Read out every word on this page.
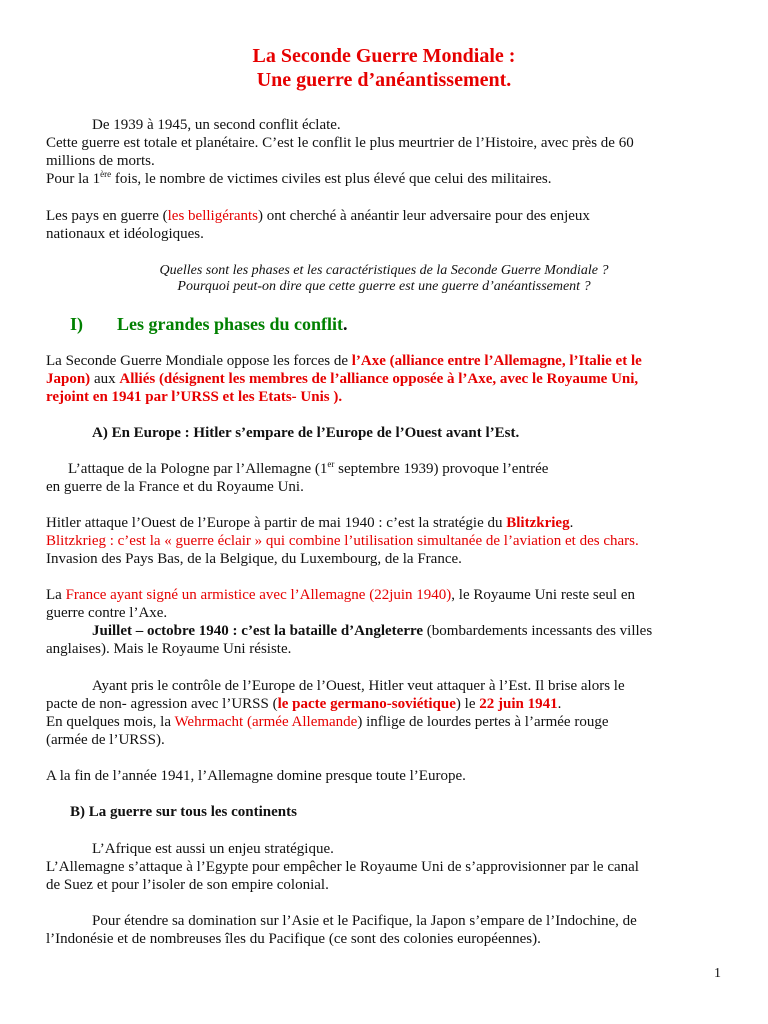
La Seconde Guerre Mondiale :
Une guerre d’anéantissement.
De 1939 à 1945, un second conflit éclate.
Cette guerre est totale et planétaire. C’est le conflit le plus meurtrier de l’Histoire, avec près de 60
millions de morts.
Pour la 1ère fois, le nombre de victimes civiles est plus élevé que celui des militaires.
Les pays en guerre (les belligérants) ont cherché à anéantir leur adversaire pour des enjeux
nationaux et idéologiques.
Quelles sont les phases et les caractéristiques de la Seconde Guerre Mondiale ?
Pourquoi peut-on dire que cette guerre est une guerre d’anéantissement ?
I) Les grandes phases du conflit.
La Seconde Guerre Mondiale oppose les forces de l’Axe (alliance entre l’Allemagne, l’Italie et le
Japon) aux Alliés (désignent les membres de l’alliance opposée à l’Axe, avec le Royaume Uni,
rejoint en 1941 par l’URSS et les Etats- Unis ).
A) En Europe : Hitler s’empare de l’Europe de l’Ouest avant l’Est.
L’attaque de la Pologne par l’Allemagne (1er septembre 1939) provoque l’entrée
en guerre de la France et du Royaume Uni.
Hitler attaque l’Ouest de l’Europe à partir de mai 1940 : c’est la stratégie du Blitzkrieg.
Blitzkrieg : c’est la « guerre éclair » qui combine l’utilisation simultanée de l’aviation et des chars.
Invasion des Pays Bas, de la Belgique, du Luxembourg, de la France.
La France ayant signé un armistice avec l’Allemagne (22juin 1940), le Royaume Uni reste seul en
guerre contre l’Axe.
Juillet – octobre 1940 : c’est la bataille d’Angleterre (bombardements incessants des villes
anglaises). Mais le Royaume Uni résiste.
Ayant pris le contrôle de l’Europe de l’Ouest, Hitler veut attaquer à l’Est. Il brise alors le
pacte de non- agression avec l’URSS (le pacte germano-soviétique) le 22 juin 1941.
En quelques mois, la Wehrmacht (armée Allemande) inflige de lourdes pertes à l’armée rouge
(armée de l’URSS).
A la fin de l’année 1941, l’Allemagne domine presque toute l’Europe.
B) La guerre sur tous les continents
L’Afrique est aussi un enjeu stratégique.
L’Allemagne s’attaque à l’Egypte pour empêcher le Royaume Uni de s’approvisionner par le canal
de Suez et pour l’isoler de son empire colonial.
Pour étendre sa domination sur l’Asie et le Pacifique, la Japon s’empare de l’Indochine, de
l’Indonésie et de nombreuses îles du Pacifique (ce sont des colonies européennes).
1
